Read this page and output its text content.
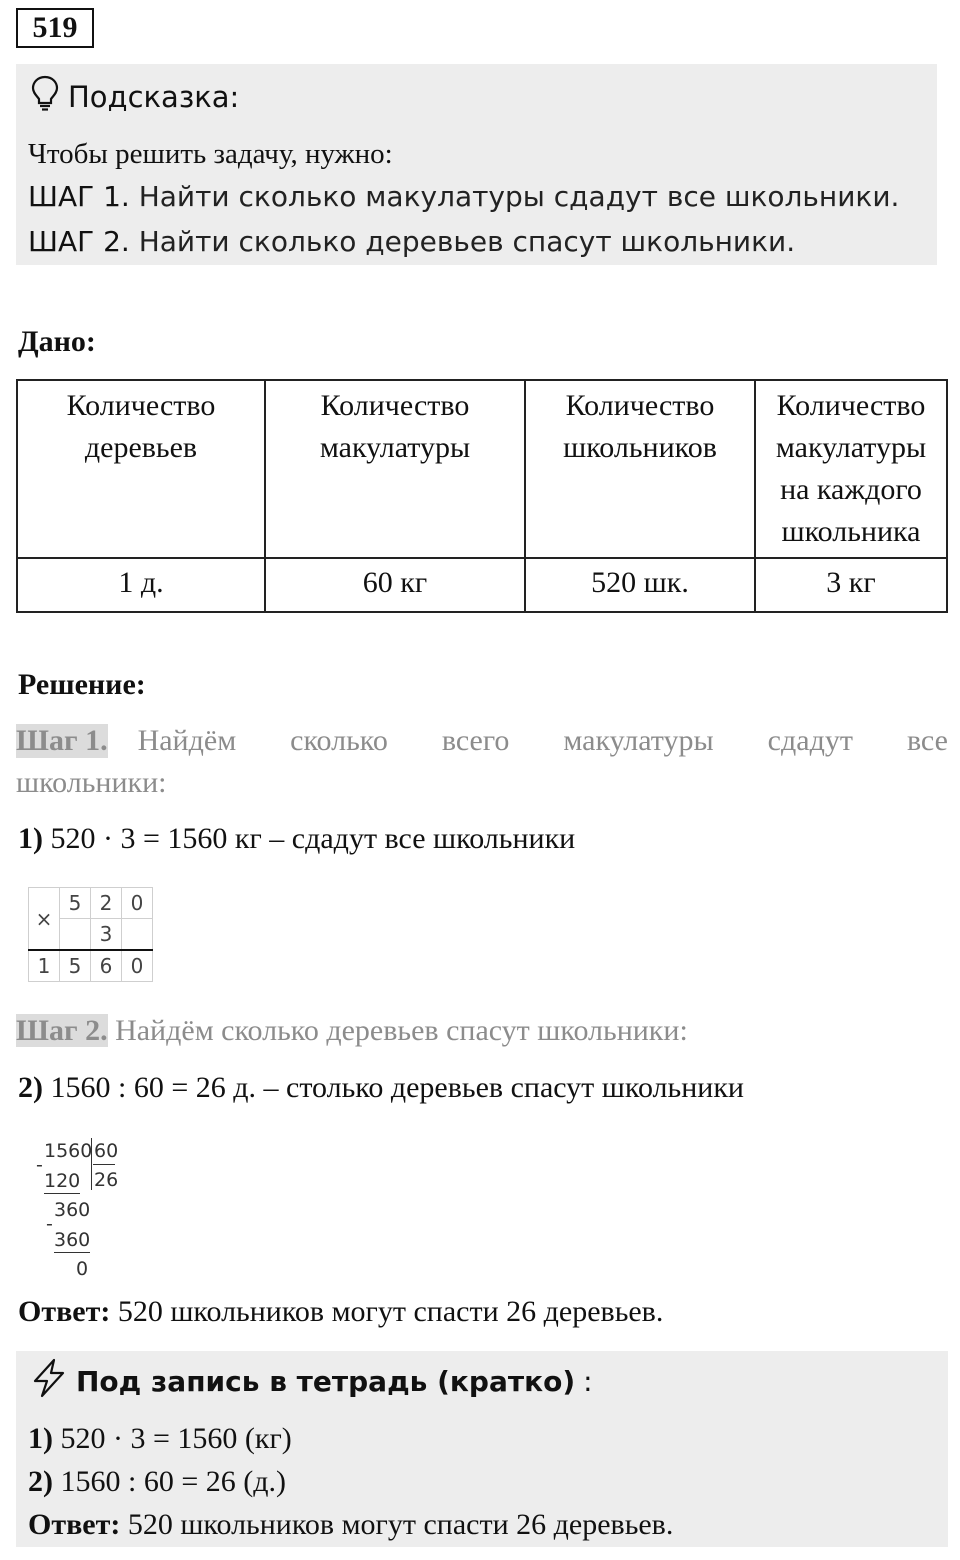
519
Подсказка:
Чтобы решить задачу, нужно:
ШАГ 1. Найти сколько макулатуры сдадут все школьники.
ШАГ 2. Найти сколько деревьев спасут школьники.
Дано:
Количество деревьев	Количество макулатуры	Количество школьников	Количество макулатуры на каждого школьника
1 д.	60 кг	520 шк.	3 кг
Решение:
Шаг 1. Найдём сколько всего макулатуры сдадут все
школьники:
1) 520 · 3 = 1560 кг – сдадут все школьники
×	5	2	0
		3	
1	5	6	0
Шаг 2. Найдём сколько деревьев спасут школьники:
2) 1560 : 60 = 26 д. – столько деревьев спасут школьники
1560 60
26
-
120
360
-
360
0
Ответ: 520 школьников могут спасти 26 деревьев.
Под запись в тетрадь (кратко) :
1) 520 · 3 = 1560 (кг)
2) 1560 : 60 = 26 (д.)
Ответ: 520 школьников могут спасти 26 деревьев.
